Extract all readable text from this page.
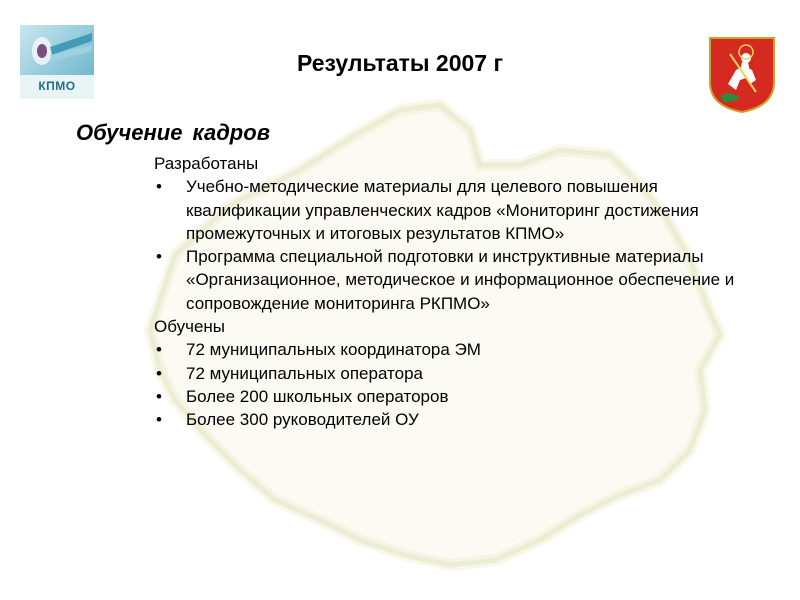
КПМО
Результаты 2007 г
Обучение кадров

Разработаны

• Учебно-методические материалы для целевого повышения квалификации управленческих кадров «Мониторинг достижения промежуточных и итоговых результатов КПМО»
• Программа специальной подготовки и инструктивные материалы «Организационное, методическое и информационное обеспечение и сопровождение мониторинга РКПМО»

Обучены

• 72 муниципальных координатора ЭМ
• 72 муниципальных оператора
• Более 200 школьных операторов
• Более 300 руководителей ОУ
